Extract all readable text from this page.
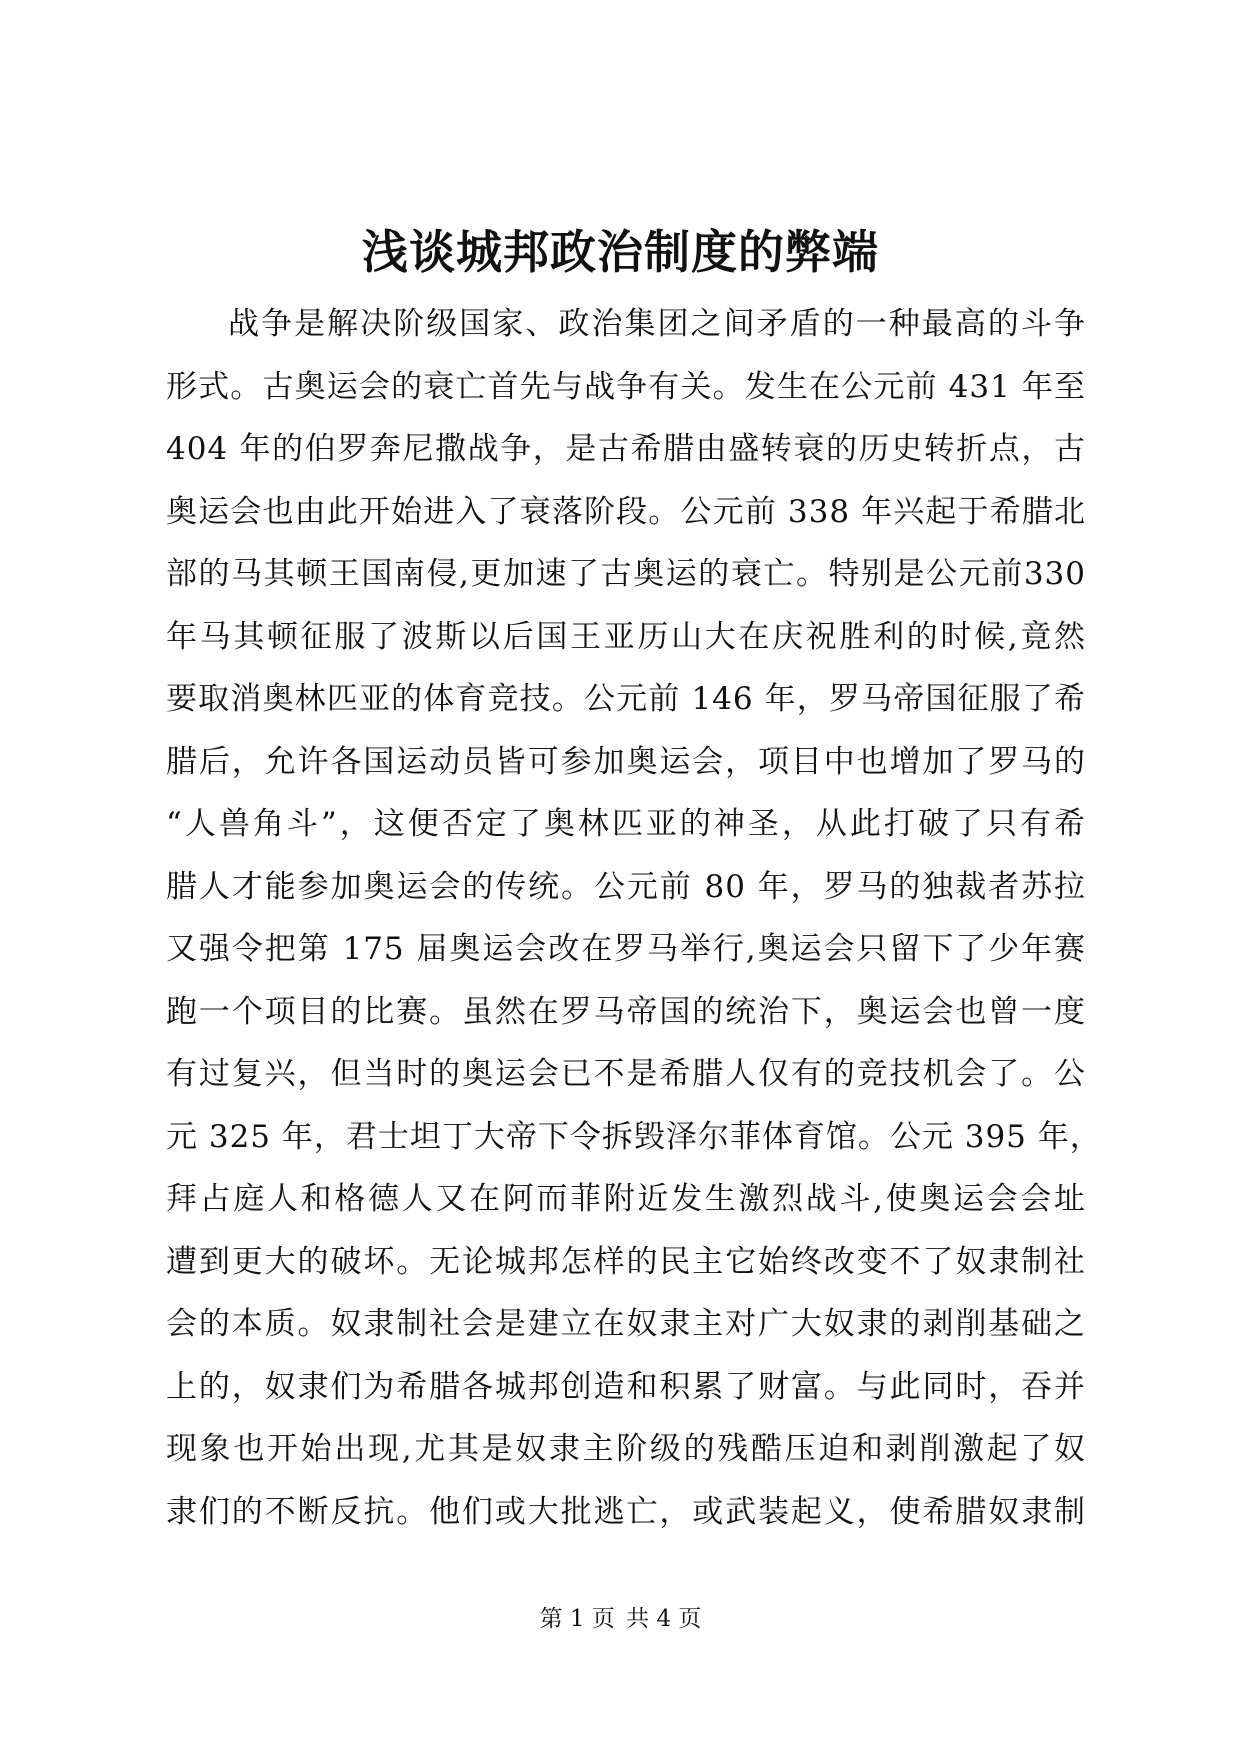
浅谈城邦政治制度的弊端
战争是解决阶级国家、政治集团之间矛盾的一种最高的斗争
形式。古奥运会的衰亡首先与战争有关。发生在公元前 431 年至
404 年的伯罗奔尼撒战争，是古希腊由盛转衰的历史转折点，古
奥运会也由此开始进入了衰落阶段。公元前 338 年兴起于希腊北
部的马其顿王国南侵,更加速了古奥运的衰亡。特别是公元前330
年马其顿征服了波斯以后国王亚历山大在庆祝胜利的时候,竟然
要取消奥林匹亚的体育竞技。公元前 146 年，罗马帝国征服了希
腊后，允许各国运动员皆可参加奥运会，项目中也增加了罗马的
“人兽角斗”，这便否定了奥林匹亚的神圣，从此打破了只有希
腊人才能参加奥运会的传统。公元前 80 年，罗马的独裁者苏拉
又强令把第 175 届奥运会改在罗马举行,奥运会只留下了少年赛
跑一个项目的比赛。虽然在罗马帝国的统治下，奥运会也曾一度
有过复兴，但当时的奥运会已不是希腊人仅有的竞技机会了。公
元 325 年，君士坦丁大帝下令拆毁泽尔菲体育馆。公元 395 年，
拜占庭人和格德人又在阿而菲附近发生激烈战斗,使奥运会会址
遭到更大的破坏。无论城邦怎样的民主它始终改变不了奴隶制社
会的本质。奴隶制社会是建立在奴隶主对广大奴隶的剥削基础之
上的，奴隶们为希腊各城邦创造和积累了财富。与此同时，吞并
现象也开始出现,尤其是奴隶主阶级的残酷压迫和剥削激起了奴
隶们的不断反抗。他们或大批逃亡，或武装起义，使希腊奴隶制
第 1 页 共 4 页
